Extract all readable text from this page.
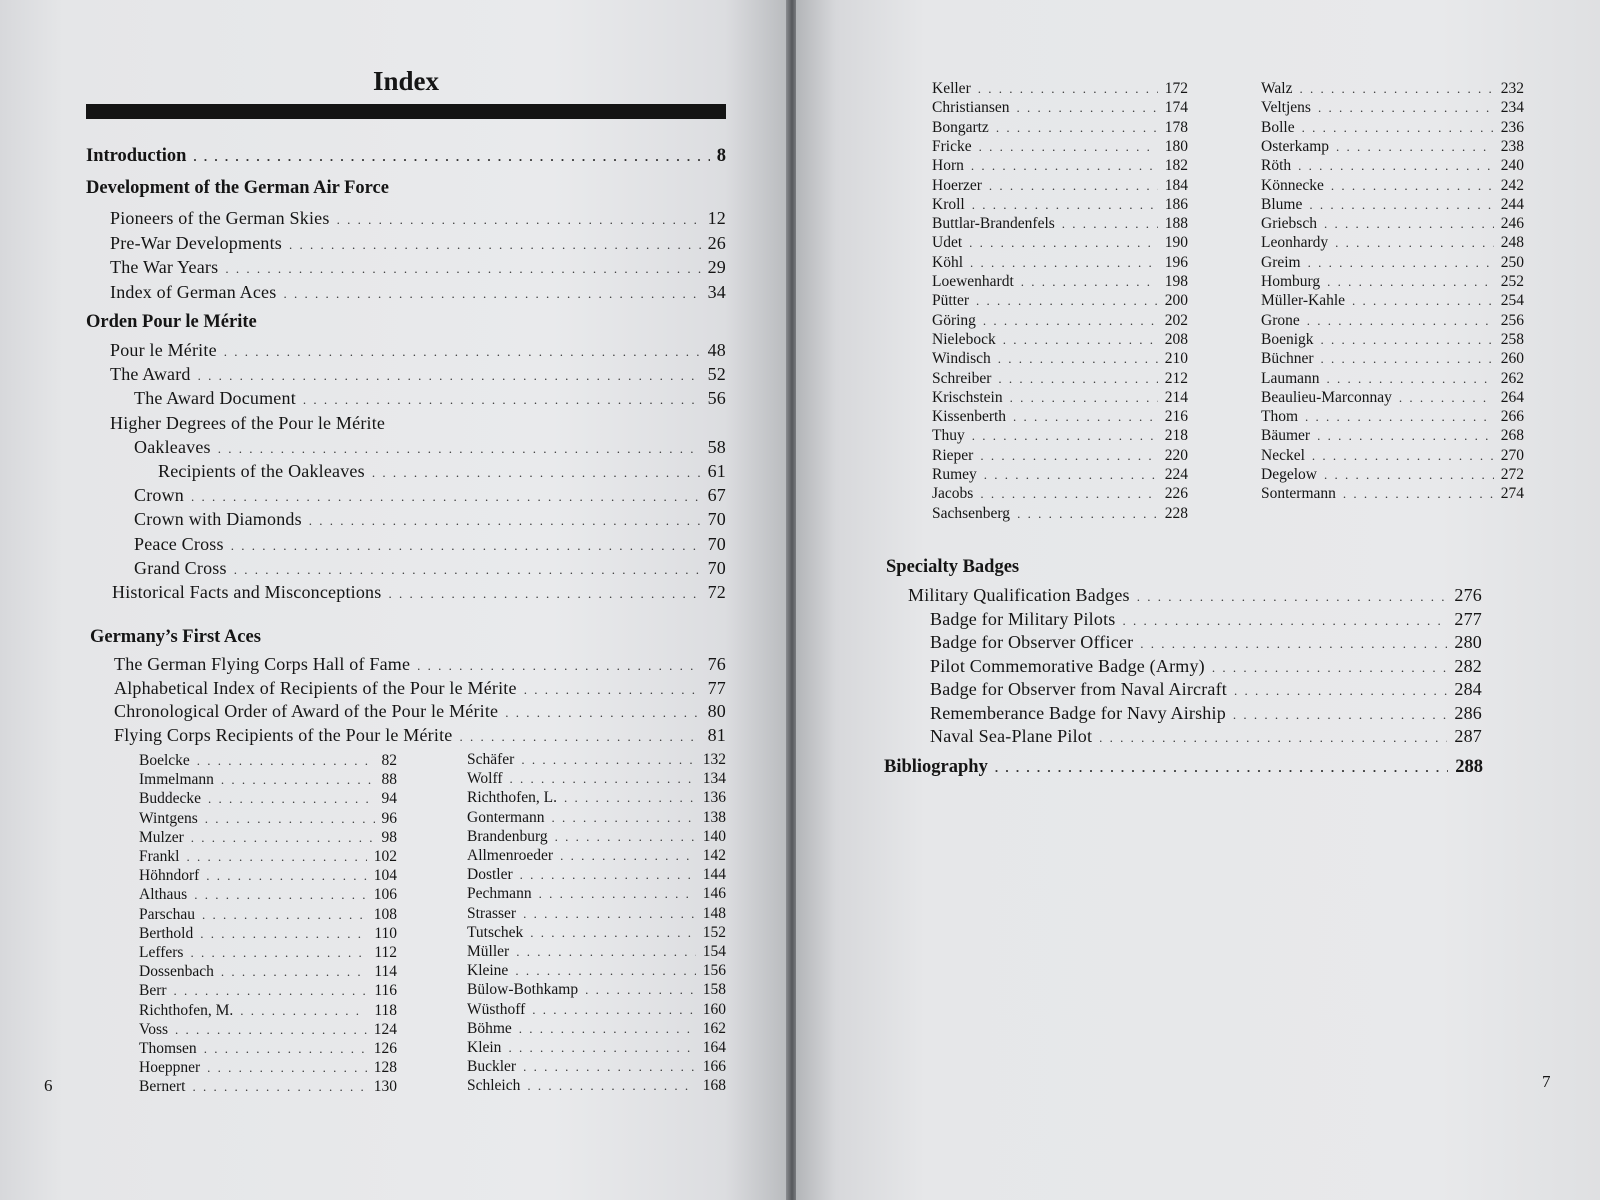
Index
Introduction . . .	8
Development of the German Air Force
Pioneers of the German Skies . . .	12
Pre-War Developments . . .	26
The War Years . . .	29
Index of German Aces . . .	34
Orden Pour le Mérite
Pour le Mérite . . .	48
The Award . . .	52
The Award Document . . .	56
Higher Degrees of the Pour le Mérite
Oakleaves . . .	58
Recipients of the Oakleaves . . .	61
Crown . . .	67
Crown with Diamonds . . .	70
Peace Cross . . .	70
Grand Cross . . .	70
Historical Facts and Misconceptions . . .	72
Germany’s First Aces
The German Flying Corps Hall of Fame . . .	76
Alphabetical Index of Recipients of the Pour le Mérite . . .	77
Chronological Order of Award of the Pour le Mérite . . .	80
Flying Corps Recipients of the Pour le Mérite . . .	81
Boelcke . . .	82
Immelmann . . .	88
Buddecke . . .	94
Wintgens . . .	96
Mulzer . . .	98
Frankl . . .	102
Höhndorf . . .	104
Althaus . . .	106
Parschau . . .	108
Berthold . . .	110
Leffers . . .	112
Dossenbach . . .	114
Berr . . .	116
Richthofen, M. . . .	118
Voss . . .	124
Thomsen . . .	126
Hoeppner . . .	128
Bernert . . .	130
Schäfer . . .	132
Wolff . . .	134
Richthofen, L. . . .	136
Gontermann . . .	138
Brandenburg . . .	140
Allmenroeder . . .	142
Dostler . . .	144
Pechmann . . .	146
Strasser . . .	148
Tutschek . . .	152
Müller . . .	154
Kleine . . .	156
Bülow-Bothkamp . . .	158
Wüsthoff . . .	160
Böhme . . .	162
Klein . . .	164
Buckler . . .	166
Schleich . . .	168
6
Keller . . .	172
Christiansen . . .	174
Bongartz . . .	178
Fricke . . .	180
Horn . . .	182
Hoerzer . . .	184
Kroll . . .	186
Buttlar-Brandenfels . . .	188
Udet . . .	190
Köhl . . .	196
Loewenhardt . . .	198
Pütter . . .	200
Göring . . .	202
Nielebock . . .	208
Windisch . . .	210
Schreiber . . .	212
Krischstein . . .	214
Kissenberth . . .	216
Thuy . . .	218
Rieper . . .	220
Rumey . . .	224
Jacobs . . .	226
Sachsenberg . . .	228
Walz . . .	232
Veltjens . . .	234
Bolle . . .	236
Osterkamp . . .	238
Röth . . .	240
Könnecke . . .	242
Blume . . .	244
Griebsch . . .	246
Leonhardy . . .	248
Greim . . .	250
Homburg . . .	252
Müller-Kahle . . .	254
Grone . . .	256
Boenigk . . .	258
Büchner . . .	260
Laumann . . .	262
Beaulieu-Marconnay . . .	264
Thom . . .	266
Bäumer . . .	268
Neckel . . .	270
Degelow . . .	272
Sontermann . . .	274
Specialty Badges
Military Qualification Badges . . .	276
Badge for Military Pilots . . .	277
Badge for Observer Officer . . .	280
Pilot Commemorative Badge (Army) . . .	282
Badge for Observer from Naval Aircraft . . .	284
Rememberance Badge for Navy Airship . . .	286
Naval Sea-Plane Pilot . . .	287
Bibliography . . .	288
7
